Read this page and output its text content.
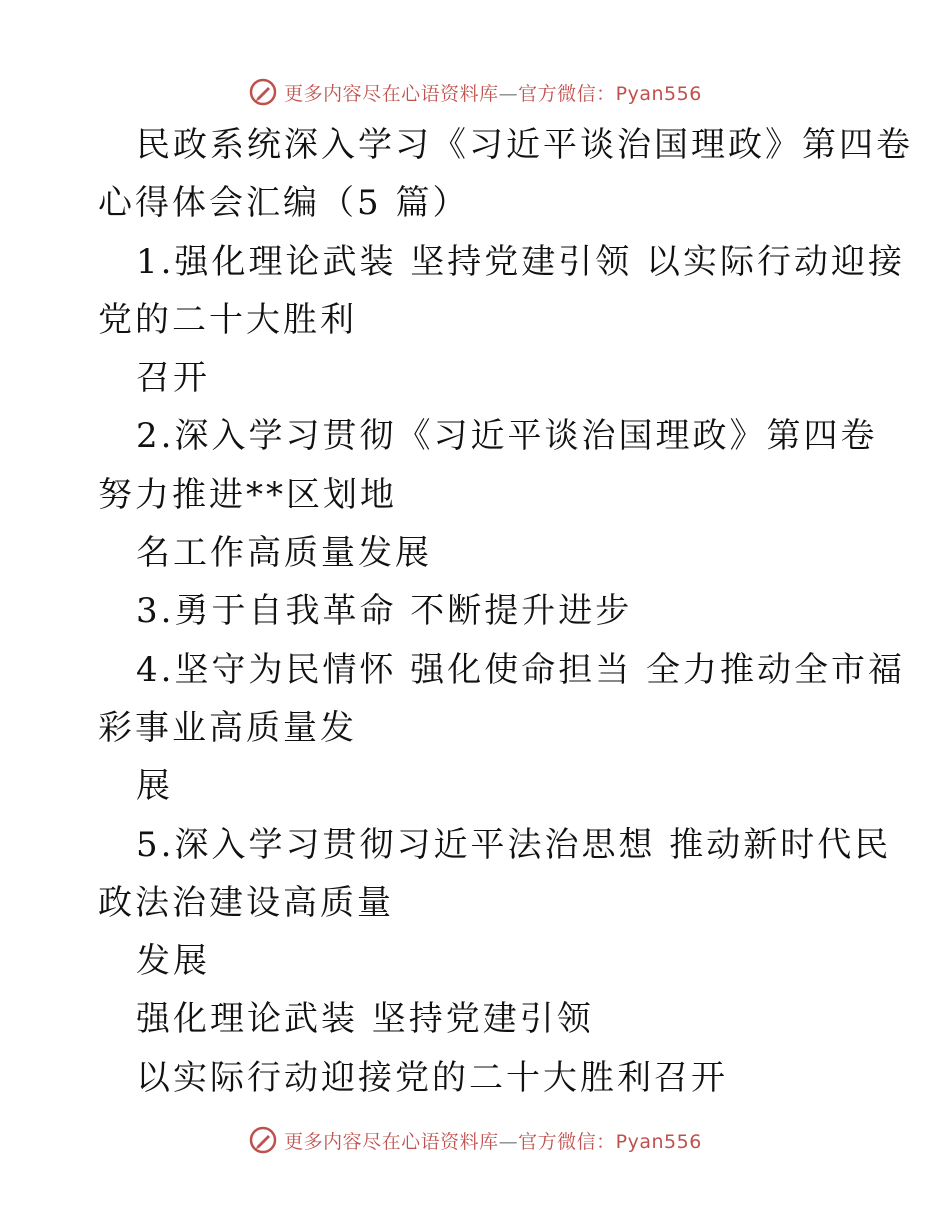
更多内容尽在心语资料库—官方微信：Pyan556
民政系统深入学习《习近平谈治国理政》第四卷
心得体会汇编（5 篇）
1.强化理论武装 坚持党建引领 以实际行动迎接
党的二十大胜利
召开
2.深入学习贯彻《习近平谈治国理政》第四卷
努力推进**区划地
名工作高质量发展
3.勇于自我革命 不断提升进步
4.坚守为民情怀 强化使命担当 全力推动全市福
彩事业高质量发
展
5.深入学习贯彻习近平法治思想 推动新时代民
政法治建设高质量
发展
强化理论武装 坚持党建引领
以实际行动迎接党的二十大胜利召开
更多内容尽在心语资料库—官方微信：Pyan556
